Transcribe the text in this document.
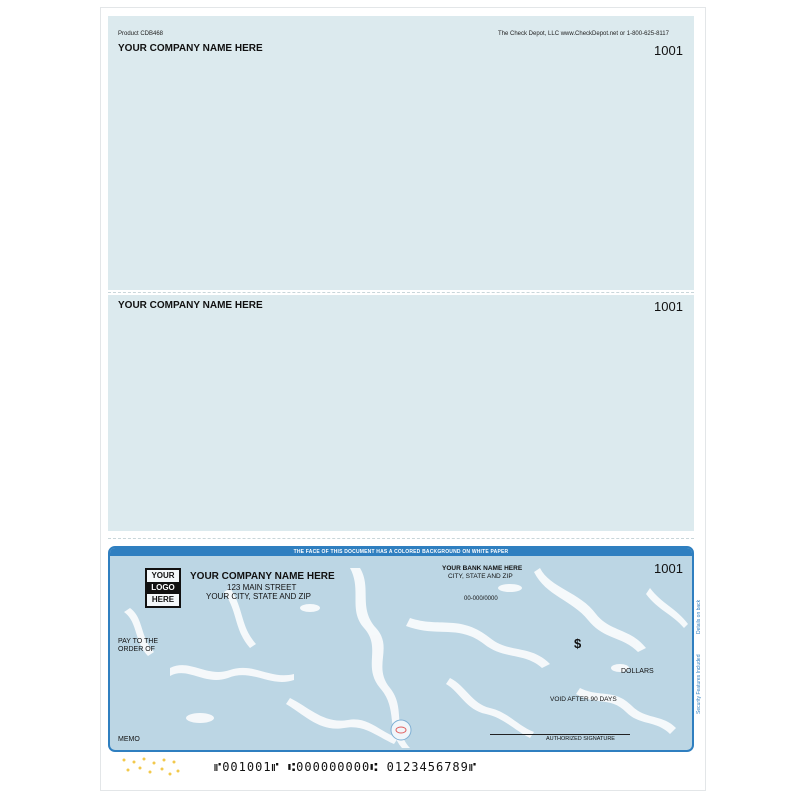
Product CDB468	The Check Depot, LLC www.CheckDepot.net or 1-800-625-8117
YOUR COMPANY NAME HERE	1001
YOUR COMPANY NAME HERE	1001
THE FACE OF THIS DOCUMENT HAS A COLORED BACKGROUND ON WHITE PAPER
YOUR
LOGO
HERE
YOUR COMPANY NAME HERE
123 MAIN STREET
YOUR CITY, STATE AND ZIP
YOUR BANK NAME HERE
CITY, STATE AND ZIP
00-000/0000
1001
PAY TO THE
ORDER OF	$
DOLLARS
VOID AFTER 90 DAYS
MEMO	AUTHORIZED SIGNATURE
Security Features Included
Details on back
⑈001001⑈ ⑆000000000⑆ 0123456789⑈
